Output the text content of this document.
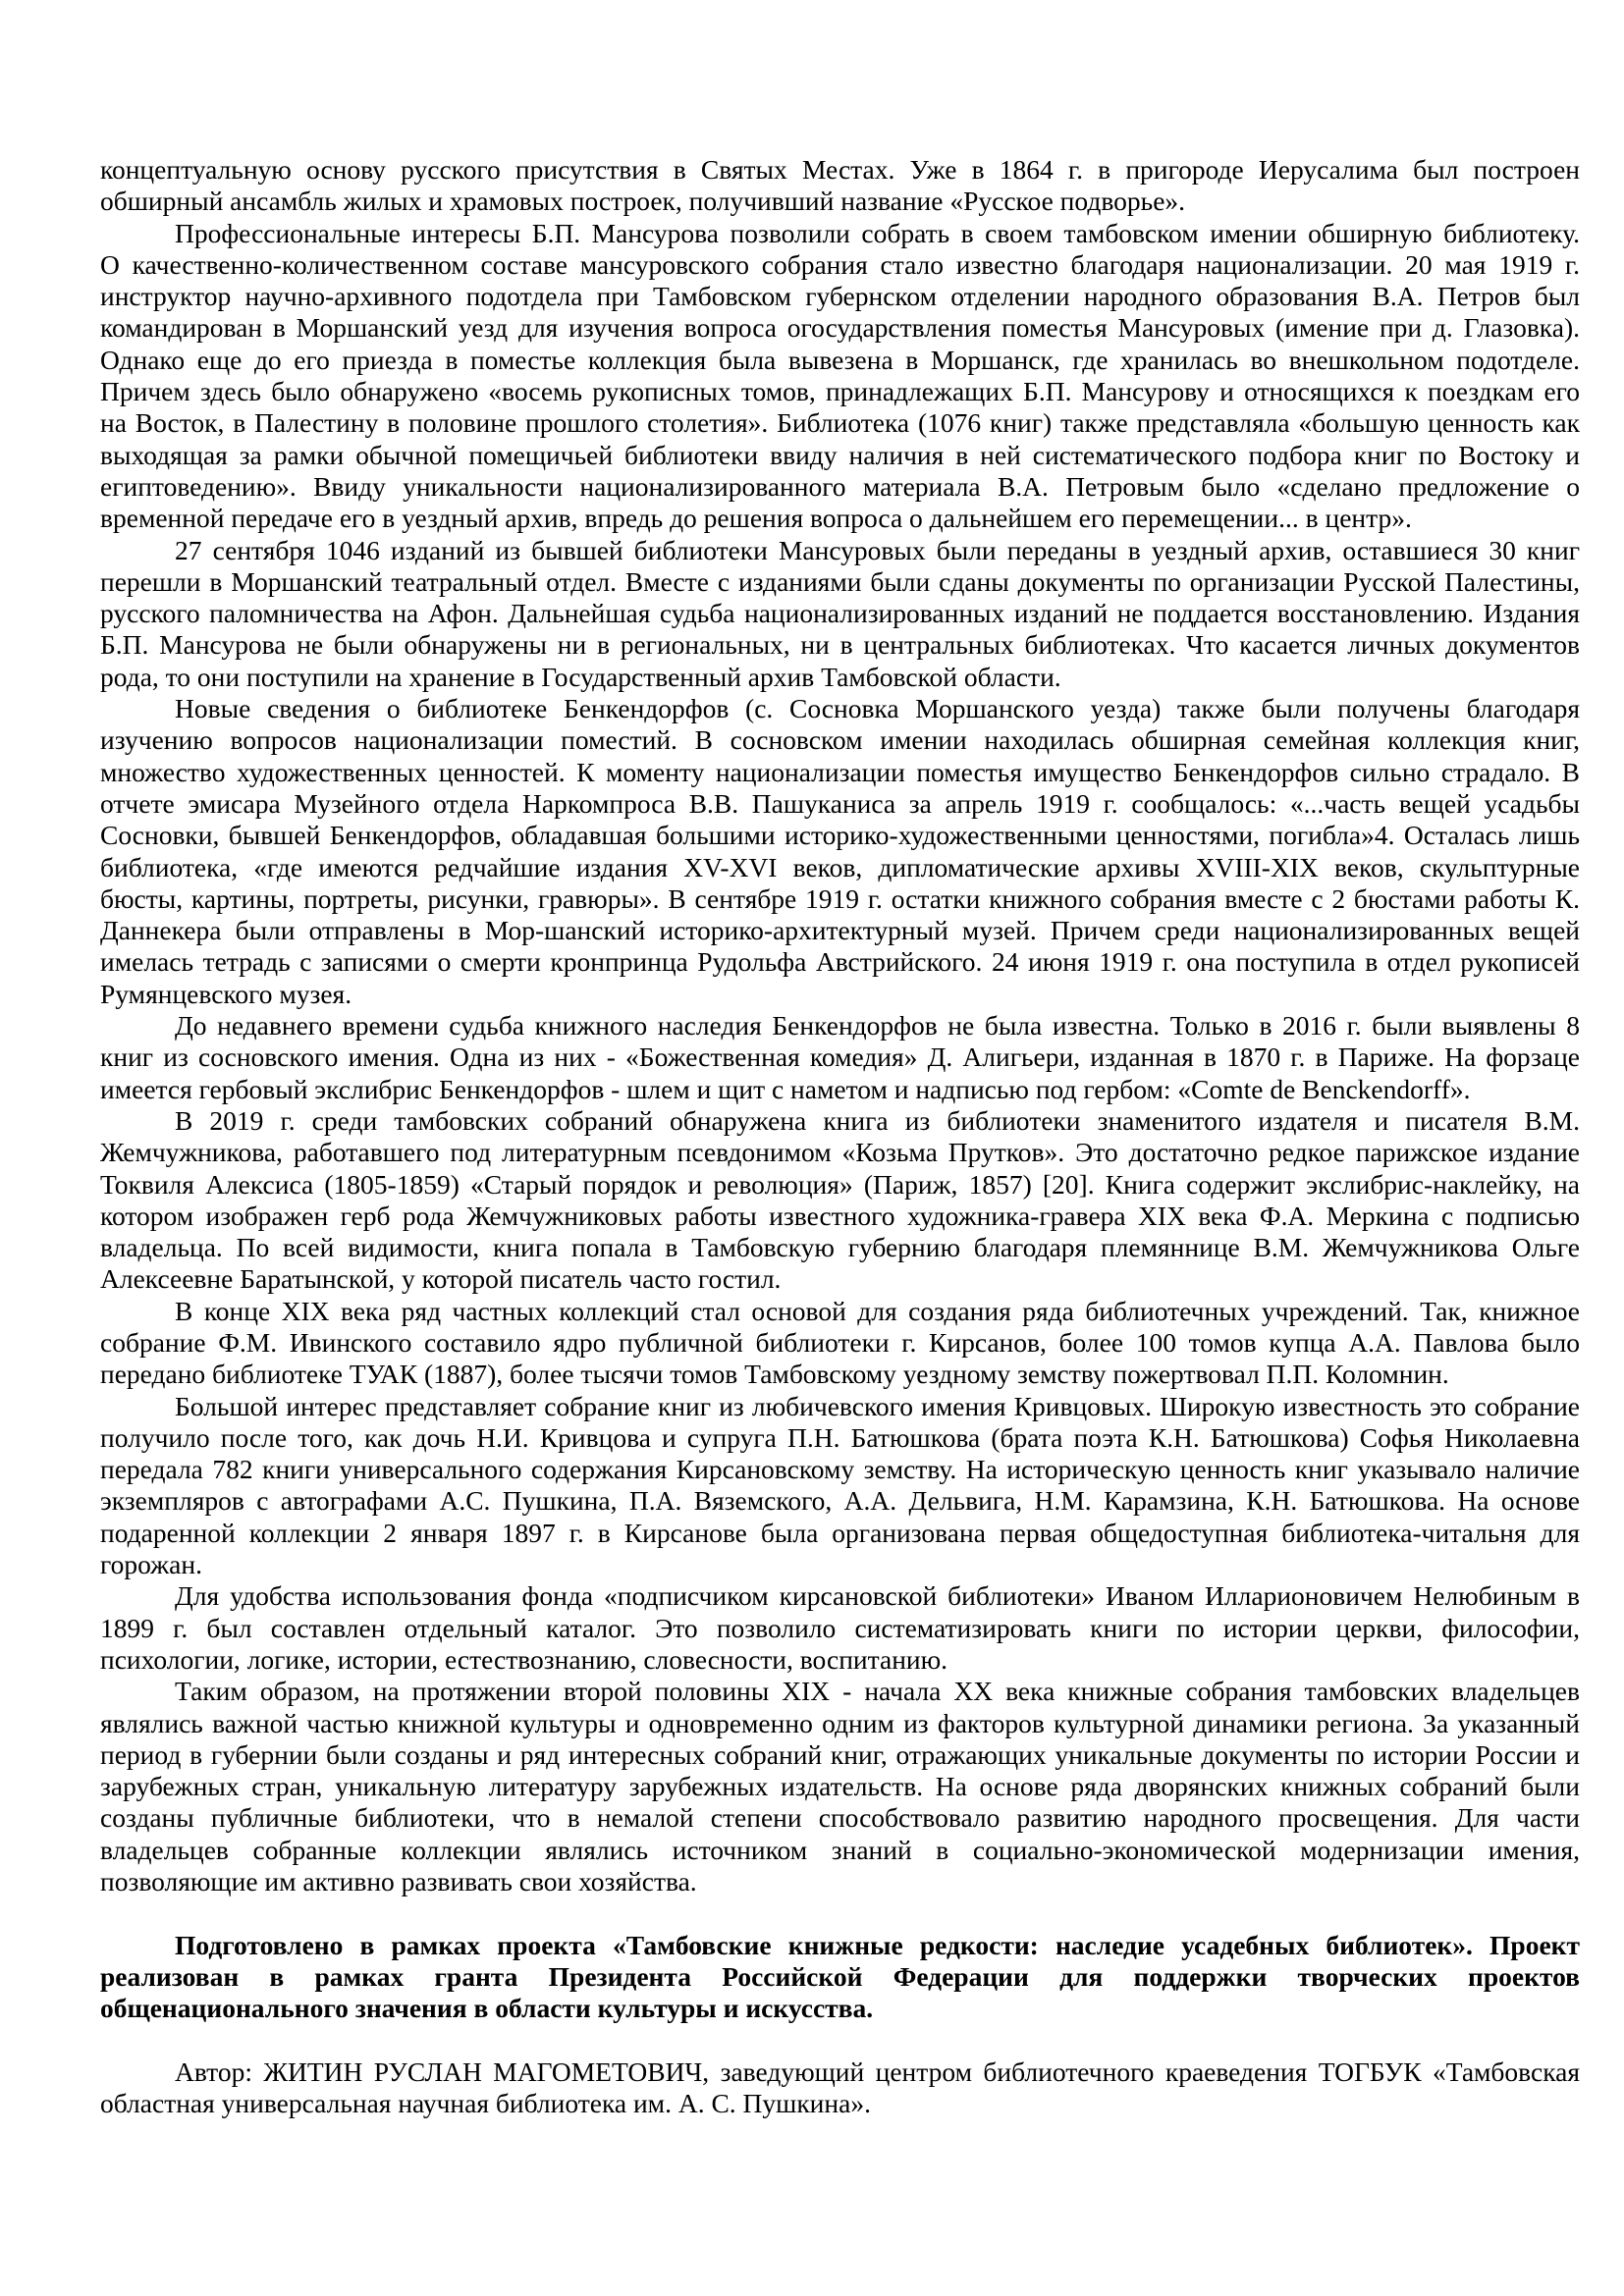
концептуальную основу русского присутствия в Святых Местах. Уже в 1864 г. в пригороде Иерусалима был построен
обширный ансамбль жилых и храмовых построек, получивший название «Русское подворье».
Профессиональные интересы Б.П. Мансурова позволили собрать в своем тамбовском имении обширную библиотеку.
О качественно-количественном составе мансуровского собрания стало известно благодаря национализации. 20 мая 1919 г.
инструктор научно-архивного подотдела при Тамбовском губернском отделении народного образования В.А. Петров был
командирован в Моршанский уезд для изучения вопроса огосударствления поместья Мансуровых (имение при д. Глазовка).
Однако еще до его приезда в поместье коллекция была вывезена в Моршанск, где хранилась во внешкольном подотделе.
Причем здесь было обнаружено «восемь рукописных томов, принадлежащих Б.П. Мансурову и относящихся к поездкам его
на Восток, в Палестину в половине прошлого столетия». Библиотека (1076 книг) также представляла «большую ценность как
выходящая за рамки обычной помещичьей библиотеки ввиду наличия в ней систематического подбора книг по Востоку и
египтоведению». Ввиду уникальности национализированного материала В.А. Петровым было «сделано предложение о
временной передаче его в уездный архив, впредь до решения вопроса о дальнейшем его перемещении... в центр».
27 сентября 1046 изданий из бывшей библиотеки Мансуровых были переданы в уездный архив, оставшиеся 30 книг
перешли в Моршанский театральный отдел. Вместе с изданиями были сданы документы по организации Русской Палестины,
русского паломничества на Афон. Дальнейшая судьба национализированных изданий не поддается восстановлению. Издания
Б.П. Мансурова не были обнаружены ни в региональных, ни в центральных библиотеках. Что касается личных документов
рода, то они поступили на хранение в Государственный архив Тамбовской области.
Новые сведения о библиотеке Бенкендорфов (с. Сосновка Моршанского уезда) также были получены благодаря
изучению вопросов национализации поместий. В сосновском имении находилась обширная семейная коллекция книг,
множество художественных ценностей. К моменту национализации поместья имущество Бенкендорфов сильно страдало. В
отчете эмисара Музейного отдела Наркомпроса В.В. Пашуканиса за апрель 1919 г. сообщалось: «...часть вещей усадьбы
Сосновки, бывшей Бенкендорфов, обладавшая большими историко-художественными ценностями, погибла»4. Осталась лишь
библиотека, «где имеются редчайшие издания XV-XVI веков, дипломатические архивы XVIII-XIX веков, скульптурные
бюсты, картины, портреты, рисунки, гравюры». В сентябре 1919 г. остатки книжного собрания вместе с 2 бюстами работы К.
Даннекера были отправлены в Мор-шанский историко-архитектурный музей. Причем среди национализированных вещей
имелась тетрадь с записями о смерти кронпринца Рудольфа Австрийского. 24 июня 1919 г. она поступила в отдел рукописей
Румянцевского музея.
До недавнего времени судьба книжного наследия Бенкендорфов не была известна. Только в 2016 г. были выявлены 8
книг из сосновского имения. Одна из них - «Божественная комедия» Д. Алигьери, изданная в 1870 г. в Париже. На форзаце
имеется гербовый экслибрис Бенкендорфов - шлем и щит с наметом и надписью под гербом: «Comte de Benckendorff».
В 2019 г. среди тамбовских собраний обнаружена книга из библиотеки знаменитого издателя и писателя В.М.
Жемчужникова, работавшего под литературным псевдонимом «Козьма Прутков». Это достаточно редкое парижское издание
Токвиля Алексиса (1805-1859) «Старый порядок и революция» (Париж, 1857) [20]. Книга содержит экслибрис-наклейку, на
котором изображен герб рода Жемчужниковых работы известного художника-гравера XIX века Ф.А. Меркина с подписью
владельца. По всей видимости, книга попала в Тамбовскую губернию благодаря племяннице В.М. Жемчужникова Ольге
Алексеевне Баратынской, у которой писатель часто гостил.
В конце XIX века ряд частных коллекций стал основой для создания ряда библиотечных учреждений. Так, книжное
собрание Ф.М. Ивинского составило ядро публичной библиотеки г. Кирсанов, более 100 томов купца А.А. Павлова было
передано библиотеке ТУАК (1887), более тысячи томов Тамбовскому уездному земству пожертвовал П.П. Коломнин.
Большой интерес представляет собрание книг из любичевского имения Кривцовых. Широкую известность это собрание
получило после того, как дочь Н.И. Кривцова и супруга П.Н. Батюшкова (брата поэта К.Н. Батюшкова) Софья Николаевна
передала 782 книги универсального содержания Кирсановскому земству. На историческую ценность книг указывало наличие
экземпляров с автографами А.С. Пушкина, П.А. Вяземского, А.А. Дельвига, Н.М. Карамзина, К.Н. Батюшкова. На основе
подаренной коллекции 2 января 1897 г. в Кирсанове была организована первая общедоступная библиотека-читальня для
горожан.
Для удобства использования фонда «подписчиком кирсановской библиотеки» Иваном Илларионовичем Нелюбиным в
1899 г. был составлен отдельный каталог. Это позволило систематизировать книги по истории церкви, философии,
психологии, логике, истории, естествознанию, словесности, воспитанию.
Таким образом, на протяжении второй половины XIX - начала XX века книжные собрания тамбовских владельцев
являлись важной частью книжной культуры и одновременно одним из факторов культурной динамики региона. За указанный
период в губернии были созданы и ряд интересных собраний книг, отражающих уникальные документы по истории России и
зарубежных стран, уникальную литературу зарубежных издательств. На основе ряда дворянских книжных собраний были
созданы публичные библиотеки, что в немалой степени способствовало развитию народного просвещения. Для части
владельцев собранные коллекции являлись источником знаний в социально-экономической модернизации имения,
позволяющие им активно развивать свои хозяйства.
Подготовлено в рамках проекта «Тамбовские книжные редкости: наследие усадебных библиотек». Проект
реализован в рамках гранта Президента Российской Федерации для поддержки творческих проектов
общенационального значения в области культуры и искусства.
Автор: ЖИТИН РУСЛАН МАГОМЕТОВИЧ, заведующий центром библиотечного краеведения ТОГБУК «Тамбовская
областная универсальная научная библиотека им. А. С. Пушкина».
